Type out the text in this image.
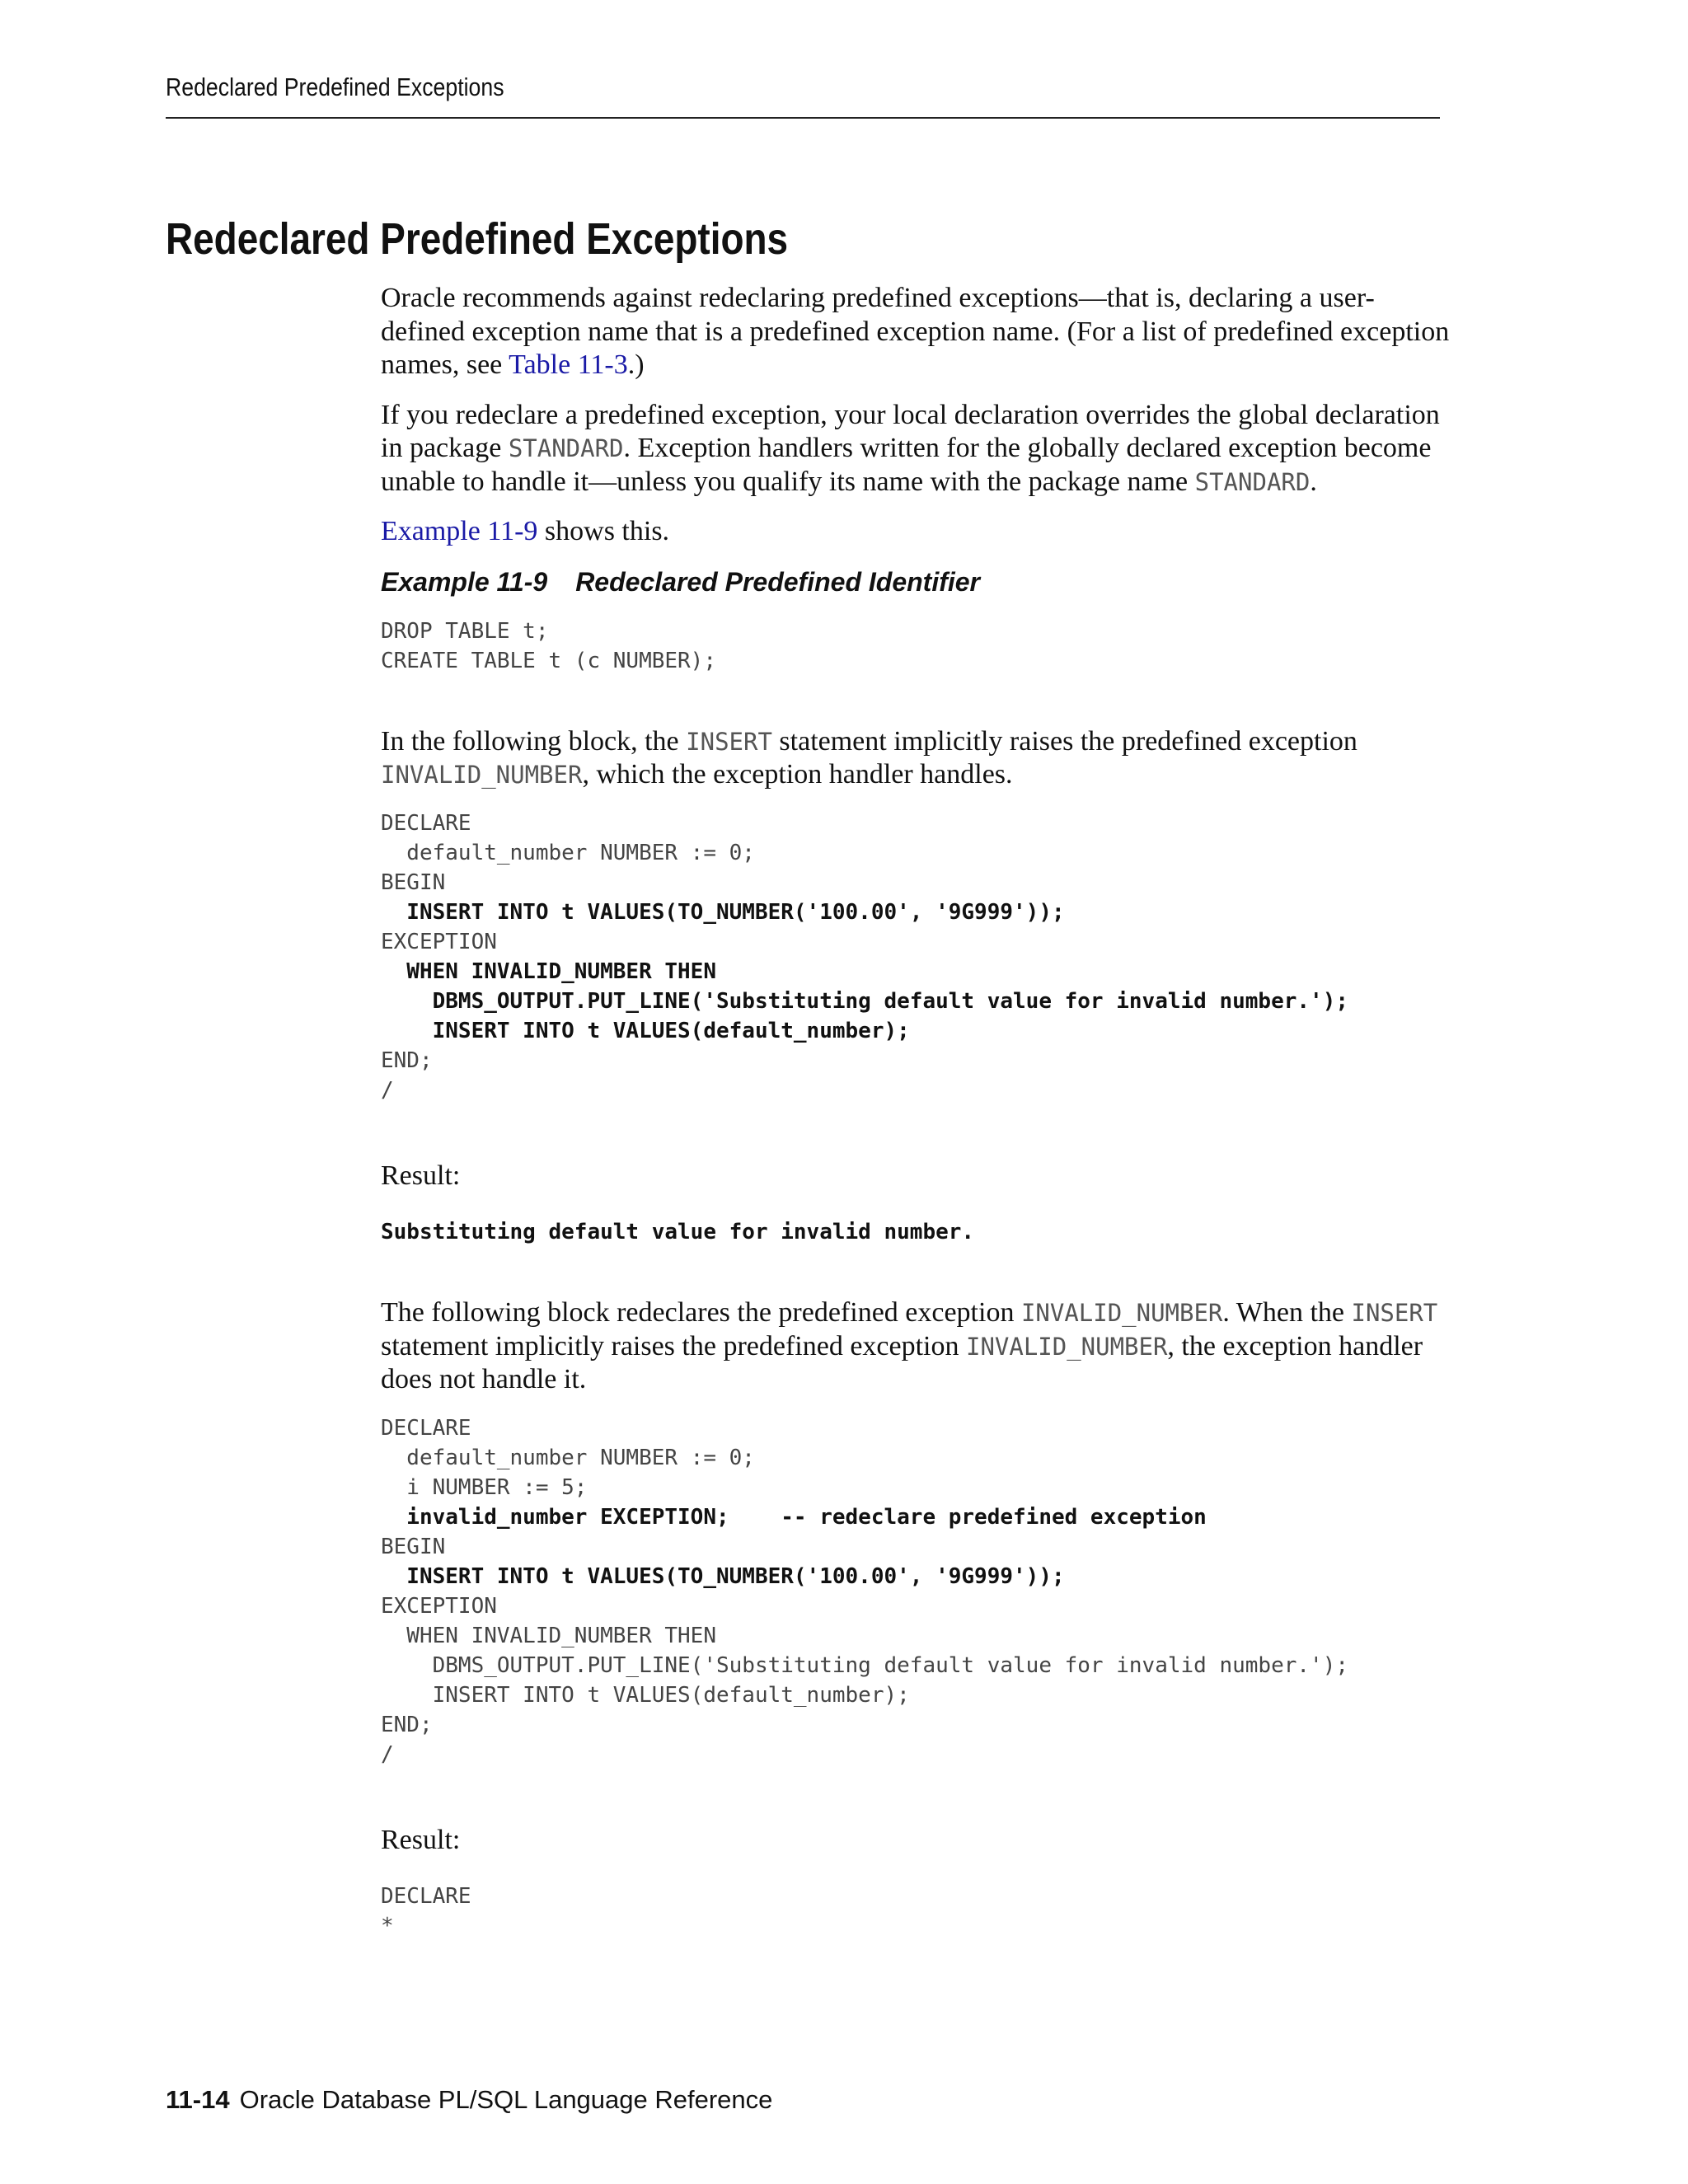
Redeclared Predefined Exceptions
Redeclared Predefined Exceptions

Oracle recommends against redeclaring predefined exceptions—that is, declaring a user-defined exception name that is a predefined exception name. (For a list of predefined exception names, see Table 11-3.)

If you redeclare a predefined exception, your local declaration overrides the global declaration in package STANDARD. Exception handlers written for the globally declared exception become unable to handle it—unless you qualify its name with the package name STANDARD.

Example 11-9 shows this.

Example 11-9 Redeclared Predefined Identifier
DROP TABLE t;
CREATE TABLE t (c NUMBER);

In the following block, the INSERT statement implicitly raises the predefined exception INVALID_NUMBER, which the exception handler handles.

DECLARE
default_number NUMBER := 0;
BEGIN
INSERT INTO t VALUES(TO_NUMBER('100.00', '9G999'));
EXCEPTION
WHEN INVALID_NUMBER THEN
DBMS_OUTPUT.PUT_LINE('Substituting default value for invalid number.');
INSERT INTO t VALUES(default_number);
END;
/

Result:

Substituting default value for invalid number.

The following block redeclares the predefined exception INVALID_NUMBER. When the INSERT statement implicitly raises the predefined exception INVALID_NUMBER, the exception handler does not handle it.

DECLARE
default_number NUMBER := 0;
i NUMBER := 5;
invalid_number EXCEPTION;    -- redeclare predefined exception
BEGIN
INSERT INTO t VALUES(TO_NUMBER('100.00', '9G999'));
EXCEPTION
WHEN INVALID_NUMBER THEN
DBMS_OUTPUT.PUT_LINE('Substituting default value for invalid number.');
INSERT INTO t VALUES(default_number);
END;
/

Result:

DECLARE
*
11-14 Oracle Database PL/SQL Language Reference
